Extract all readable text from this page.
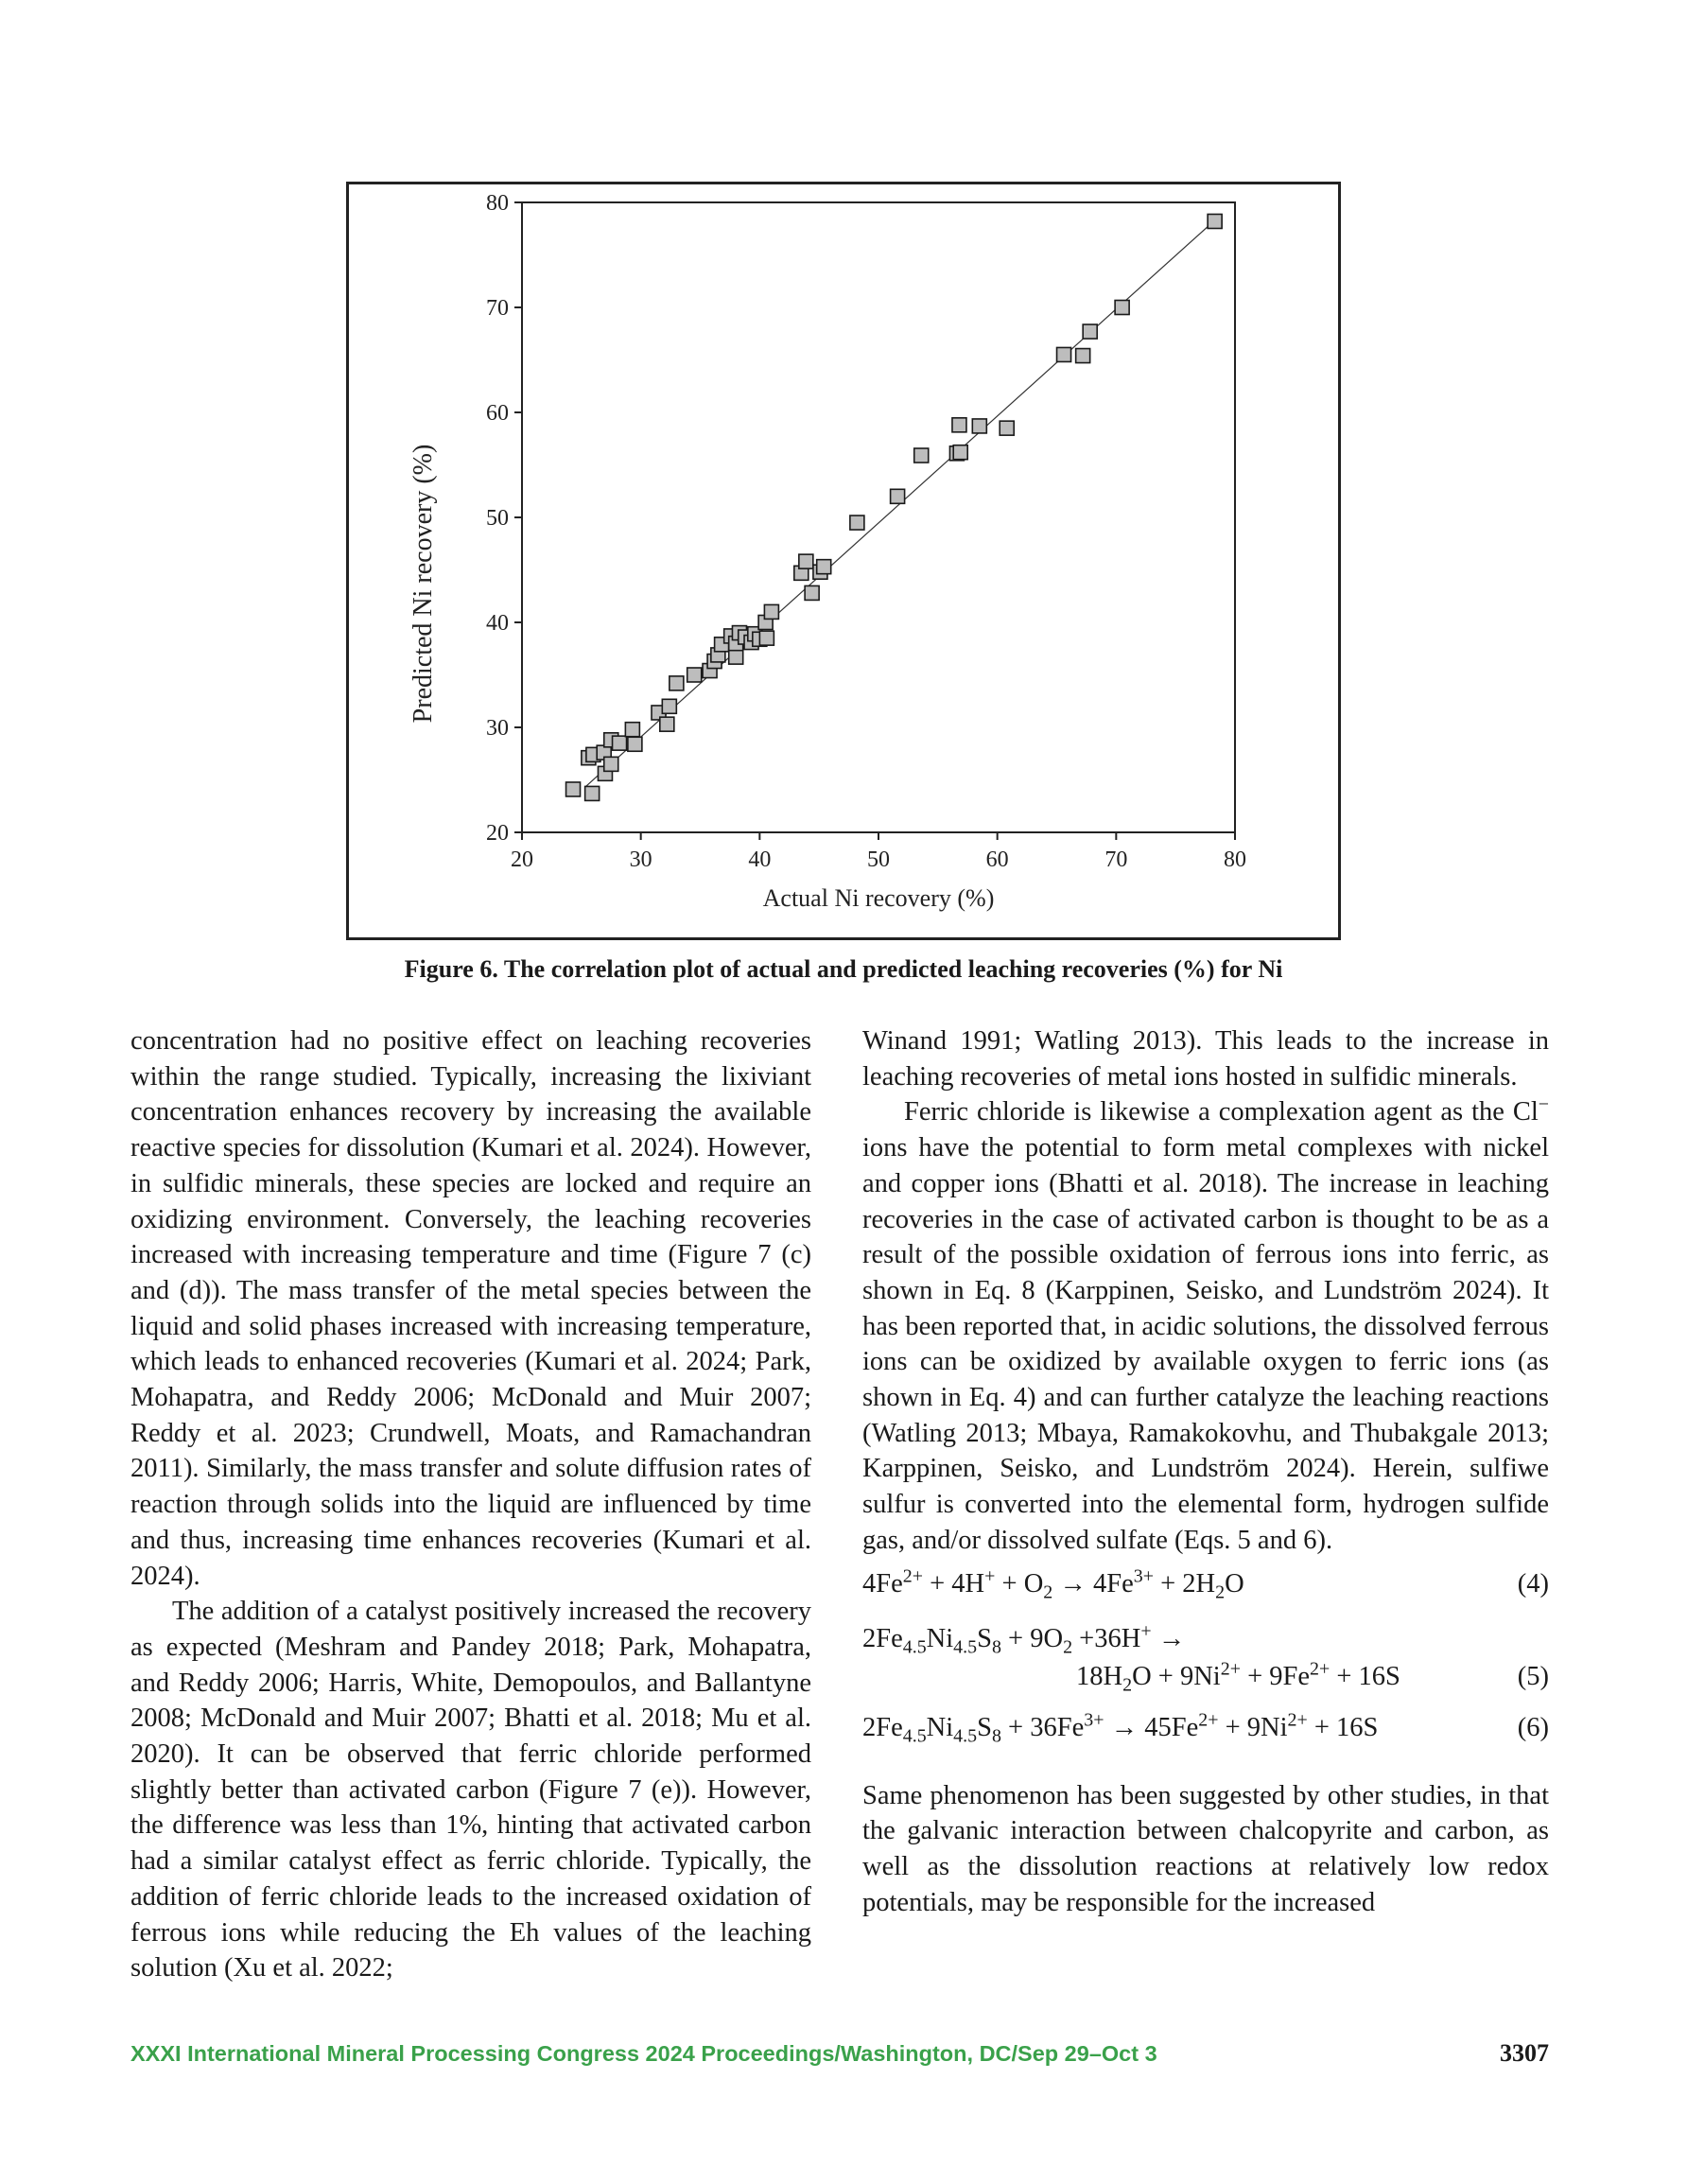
20	30	40	50	60	70	80
20
30
40
50
60
70
80
Actual Ni recovery (%)
Predicted Ni recovery (%)
Figure 6. The correlation plot of actual and predicted leaching recoveries (%) for Ni

concentration had no positive effect on leaching recoveries within the range studied. Typically, increasing the lixiviant concentration enhances recovery by increasing the available reactive species for dissolution (Kumari et al. 2024). However, in sulfidic minerals, these species are locked and require an oxidizing environment. Conversely, the leaching recoveries increased with increasing temperature and time (Figure 7 (c) and (d)). The mass transfer of the metal species between the liquid and solid phases increased with increasing temperature, which leads to enhanced recoveries (Kumari et al. 2024; Park, Mohapatra, and Reddy 2006; McDonald and Muir 2007; Reddy et al. 2023; Crundwell, Moats, and Ramachandran 2011). Similarly, the mass transfer and solute diffusion rates of reaction through solids into the liquid are influenced by time and thus, increasing time enhances recoveries (Kumari et al. 2024).

The addition of a catalyst positively increased the recovery as expected (Meshram and Pandey 2018; Park, Mohapatra, and Reddy 2006; Harris, White, Demopoulos, and Ballantyne 2008; McDonald and Muir 2007; Bhatti et al. 2018; Mu et al. 2020). It can be observed that ferric chloride performed slightly better than activated carbon (Figure 7 (e)). However, the difference was less than 1%, hinting that activated carbon had a similar catalyst effect as ferric chloride. Typically, the addition of ferric chloride leads to the increased oxidation of ferrous ions while reducing the Eh values of the leaching solution (Xu et al. 2022;

Winand 1991; Watling 2013). This leads to the increase in leaching recoveries of metal ions hosted in sulfidic minerals.

Ferric chloride is likewise a complexation agent as the Cl− ions have the potential to form metal complexes with nickel and copper ions (Bhatti et al. 2018). The increase in leaching recoveries in the case of activated carbon is thought to be as a result of the possible oxidation of ferrous ions into ferric, as shown in Eq. 8 (Karppinen, Seisko, and Lundström 2024). It has been reported that, in acidic solutions, the dissolved ferrous ions can be oxidized by available oxygen to ferric ions (as shown in Eq. 4) and can further catalyze the leaching reactions (Watling 2013; Mbaya, Ramakokovhu, and Thubakgale 2013; Karppinen, Seisko, and Lundström 2024). Herein, sulfiwe sulfur is converted into the elemental form, hydrogen sulfide gas, and/or dissolved sulfate (Eqs. 5 and 6).

$4Fe^{2+} + 4H^+ + O_2 \to 4Fe^{3+} + 2H_2O$	(4)
$2Fe_{4.5}Ni_{4.5}S_8 + 9O_2 +36H^+$ →
$18H_2O + 9Ni^{2+} + 9Fe^{2+} + 16S$	(5)
$2Fe_{4.5}Ni_{4.5}S_8 + 36Fe^{3+} \to 45Fe^{2+} + 9Ni^{2+} + 16S$	(6)

Same phenomenon has been suggested by other studies, in that the galvanic interaction between chalcopyrite and carbon, as well as the dissolution reactions at relatively low redox potentials, may be responsible for the increased

XXXI International Mineral Processing Congress 2024 Proceedings/Washington, DC/Sep 29–Oct 3	3307
